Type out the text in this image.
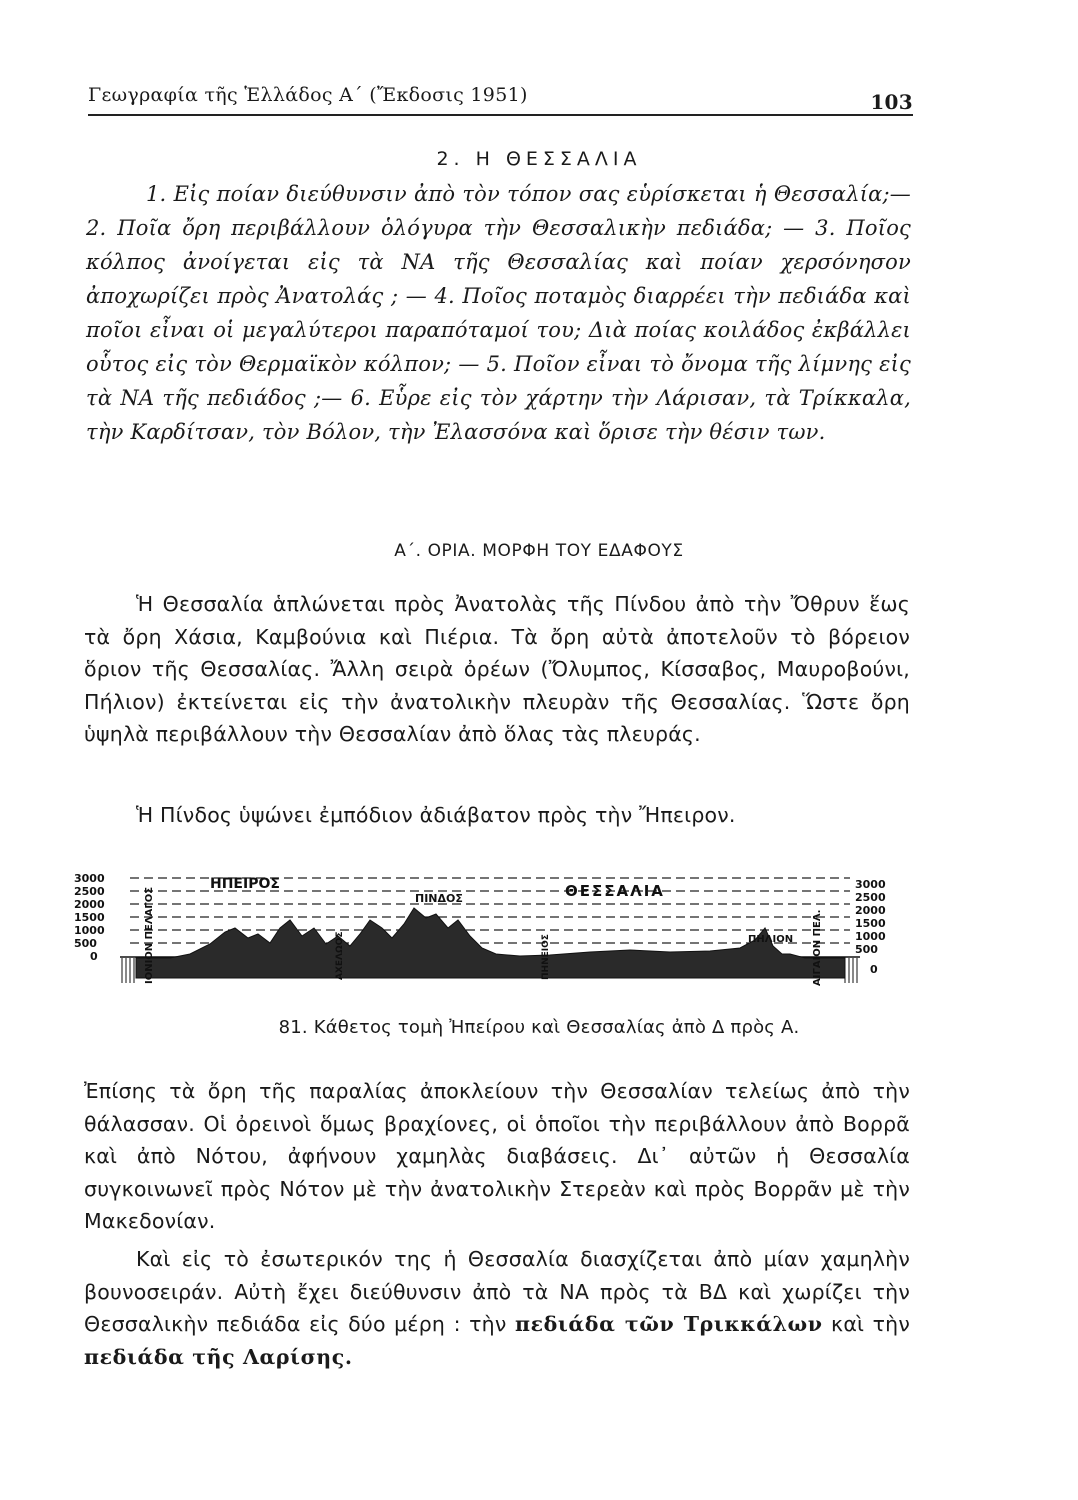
Γεωγραφία τῆς Ἑλλάδος Α΄ (Ἔκδοσις 1951)	103
2. Η ΘΕΣΣΑΛΙΑ

1. Εἰς ποίαν διεύθυνσιν ἀπὸ τὸν τόπον σας εὑρίσκεται ἡ Θεσσαλία;—2. Ποῖα ὄρη περιβάλλουν ὁλόγυρα τὴν Θεσσαλικὴν πεδιάδα; — 3. Ποῖος κόλπος ἀνοίγεται εἰς τὰ ΝΑ τῆς Θεσσαλίας καὶ ποίαν χερσόνησον ἀποχωρίζει πρὸς Ἀνατολάς ; — 4. Ποῖος ποταμὸς διαρρέει τὴν πεδιάδα καὶ ποῖοι εἶναι οἱ μεγαλύτεροι παραπόταμοί του; Διὰ ποίας κοιλάδος ἐκβάλλει οὗτος εἰς τὸν Θερμαϊκὸν κόλπον; — 5. Ποῖον εἶναι τὸ ὄνομα τῆς λίμνης εἰς τὰ ΝΑ τῆς πεδιάδος ;— 6. Εὗρε εἰς τὸν χάρτην τὴν Λάρισαν, τὰ Τρίκκαλα, τὴν Καρδίτσαν, τὸν Βόλον, τὴν Ἐλασσόνα καὶ ὅρισε τὴν θέσιν των.

Α΄. ΟΡΙΑ. ΜΟΡΦΗ ΤΟΥ ΕΔΑΦΟΥΣ

Ἡ Θεσσαλία ἁπλώνεται πρὸς Ἀνατολὰς τῆς Πίνδου ἀπὸ τὴν Ὄθρυν ἕως τὰ ὄρη Χάσια, Καμβούνια καὶ Πιέρια. Τὰ ὄρη αὐτὰ ἀποτελοῦν τὸ βόρειον ὅριον τῆς Θεσσαλίας. Ἄλλη σειρὰ ὀρέων (Ὄλυμπος, Κίσσαβος, Μαυροβούνι, Πήλιον) ἐκτείνεται εἰς τὴν ἀνατολικὴν πλευρὰν τῆς Θεσσαλίας. Ὥστε ὄρη ὑψηλὰ περιβάλλουν τὴν Θεσσαλίαν ἀπὸ ὅλας τὰς πλευράς.

Ἡ Πίνδος ὑψώνει ἐμπόδιον ἀδιάβατον πρὸς τὴν Ἤπειρον.

3000
2500
2000
1500
1000
500
0
3000
2500
2000
1500
1000
500
0
ΗΠΕΙΡΟΣ
ΠΙΝΔΟΣ	ΘΕΣΣΑΛΙΑ
ΠΗΛΙΟΝ
ΙΟΝΙΟΝ ΠΕΛΑΓΟΣ	ΑΙΓΑΙΟΝ ΠΕΛ.
ΠΗΝΕΙΟΣ
ΑΧΕΛΩΟΣ
81. Κάθετος τομὴ Ἠπείρου καὶ Θεσσαλίας ἀπὸ Δ πρὸς Α.

Ἐπίσης τὰ ὄρη τῆς παραλίας ἀποκλείουν τὴν Θεσσαλίαν τελείως ἀπὸ τὴν θάλασσαν. Οἱ ὀρεινοὶ ὅμως βραχίονες, οἱ ὁποῖοι τὴν περιβάλλουν ἀπὸ Βορρᾶ καὶ ἀπὸ Νότου, ἀφήνουν χαμηλὰς διαβάσεις. Δι᾽ αὐτῶν ἡ Θεσσαλία συγκοινωνεῖ πρὸς Νότον μὲ τὴν ἀνατολικὴν Στερεὰν καὶ πρὸς Βορρᾶν μὲ τὴν Μακεδονίαν.

Καὶ εἰς τὸ ἐσωτερικόν της ἡ Θεσσαλία διασχίζεται ἀπὸ μίαν χαμηλὴν βουνοσειράν. Αὐτὴ ἔχει διεύθυνσιν ἀπὸ τὰ ΝΑ πρὸς τὰ ΒΔ καὶ χωρίζει τὴν Θεσσαλικὴν πεδιάδα εἰς δύο μέρη : τὴν πεδιάδα τῶν Τρικκάλων καὶ τὴν πεδιάδα τῆς Λαρίσης.
